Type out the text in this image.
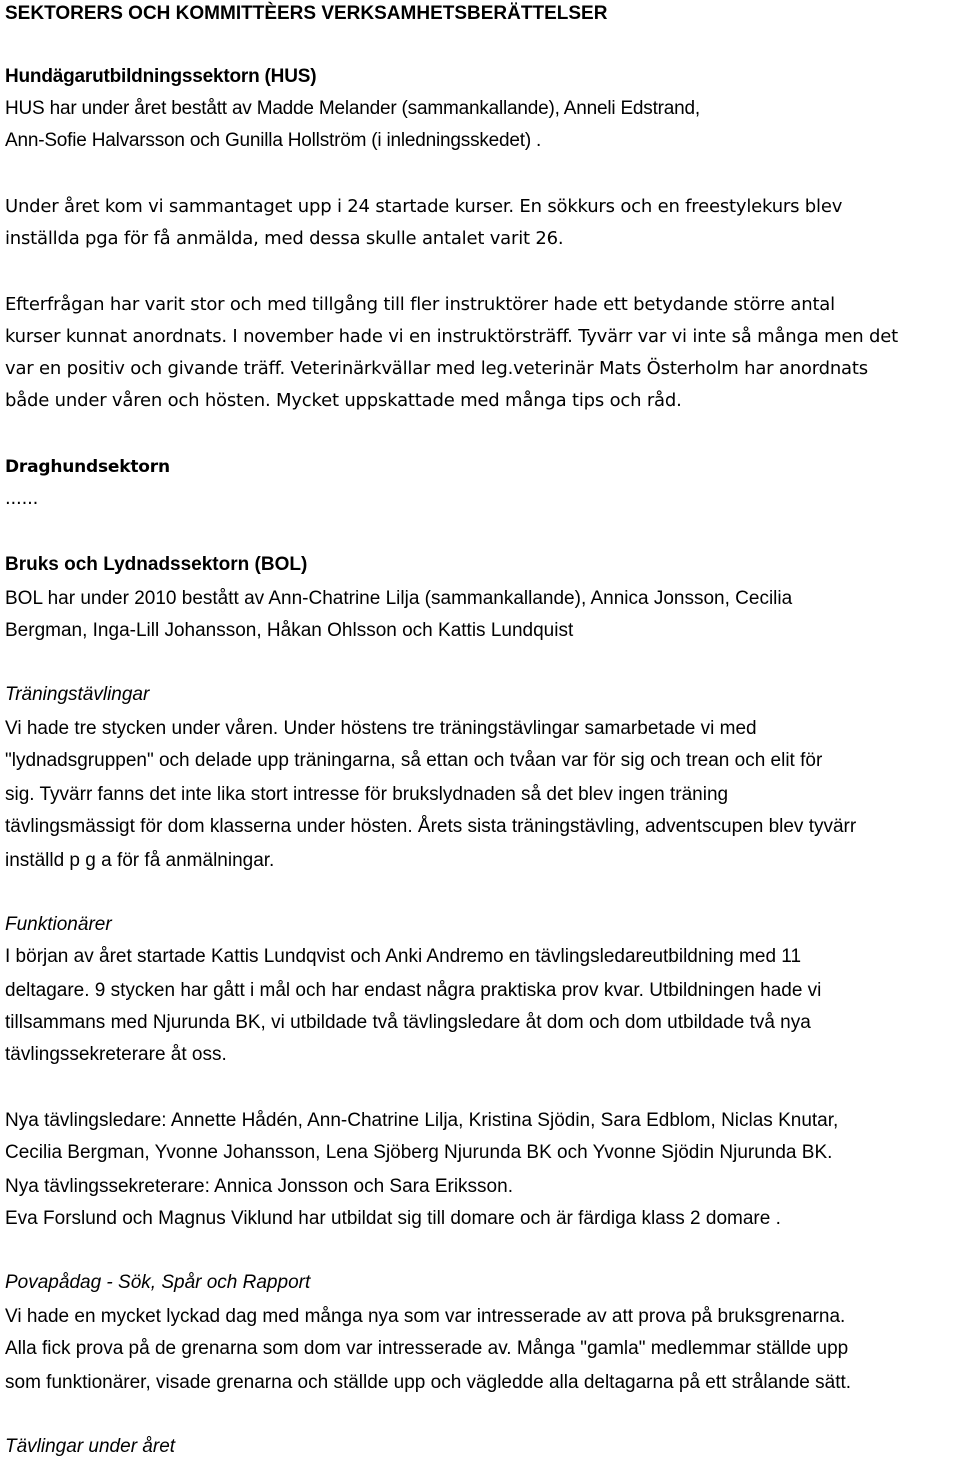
SEKTORERS OCH KOMMITTÈERS VERKSAMHETSBERÄTTELSER
Hundägarutbildningssektorn (HUS)
HUS har under året bestått av Madde Melander (sammankallande), Anneli Edstrand,
Ann-Sofie Halvarsson och Gunilla Hollström (i inledningsskedet) .
Under året kom vi sammantaget upp i 24 startade kurser. En sökkurs och en freestylekurs blev
inställda pga för få anmälda, med dessa skulle antalet varit 26.
Efterfrågan har varit stor och med tillgång till fler instruktörer hade ett betydande större antal
kurser kunnat anordnats. I november hade vi en instruktörsträff. Tyvärr var vi inte så många men det
var en positiv och givande träff. Veterinärkvällar med leg.veterinär Mats Österholm har anordnats
både under våren och hösten. Mycket uppskattade med många tips och råd.
Draghundsektorn
......
Bruks och Lydnadssektorn (BOL)
BOL har under 2010 bestått av Ann-Chatrine Lilja (sammankallande), Annica Jonsson, Cecilia
Bergman, Inga-Lill Johansson, Håkan Ohlsson och Kattis Lundquist
Träningstävlingar
Vi hade tre stycken under våren. Under höstens tre träningstävlingar samarbetade vi med
"lydnadsgruppen" och delade upp träningarna, så ettan och tvåan var för sig och trean och elit för
sig. Tyvärr fanns det inte lika stort intresse för brukslydnaden så det blev ingen träning
tävlingsmässigt för dom klasserna under hösten. Årets sista träningstävling, adventscupen blev tyvärr
inställd p g a för få anmälningar.
Funktionärer
I början av året startade Kattis Lundqvist och Anki Andremo en tävlingsledareutbildning med 11
deltagare. 9 stycken har gått i mål och har endast några praktiska prov kvar. Utbildningen hade vi
tillsammans med Njurunda BK, vi utbildade två tävlingsledare åt dom och dom utbildade två nya
tävlingssekreterare åt oss.
Nya tävlingsledare: Annette Hådén, Ann-Chatrine Lilja, Kristina Sjödin, Sara Edblom, Niclas Knutar,
Cecilia Bergman, Yvonne Johansson, Lena Sjöberg Njurunda BK och Yvonne Sjödin Njurunda BK.
Nya tävlingssekreterare: Annica Jonsson och Sara Eriksson.
Eva Forslund och Magnus Viklund har utbildat sig till domare och är färdiga klass 2 domare .
Povapådag - Sök, Spår och Rapport
Vi hade en mycket lyckad dag med många nya som var intresserade av att prova på bruksgrenarna.
Alla fick prova på de grenarna som dom var intresserade av. Många "gamla" medlemmar ställde upp
som funktionärer, visade grenarna och ställde upp och vägledde alla deltagarna på ett strålande sätt.
Tävlingar under året
